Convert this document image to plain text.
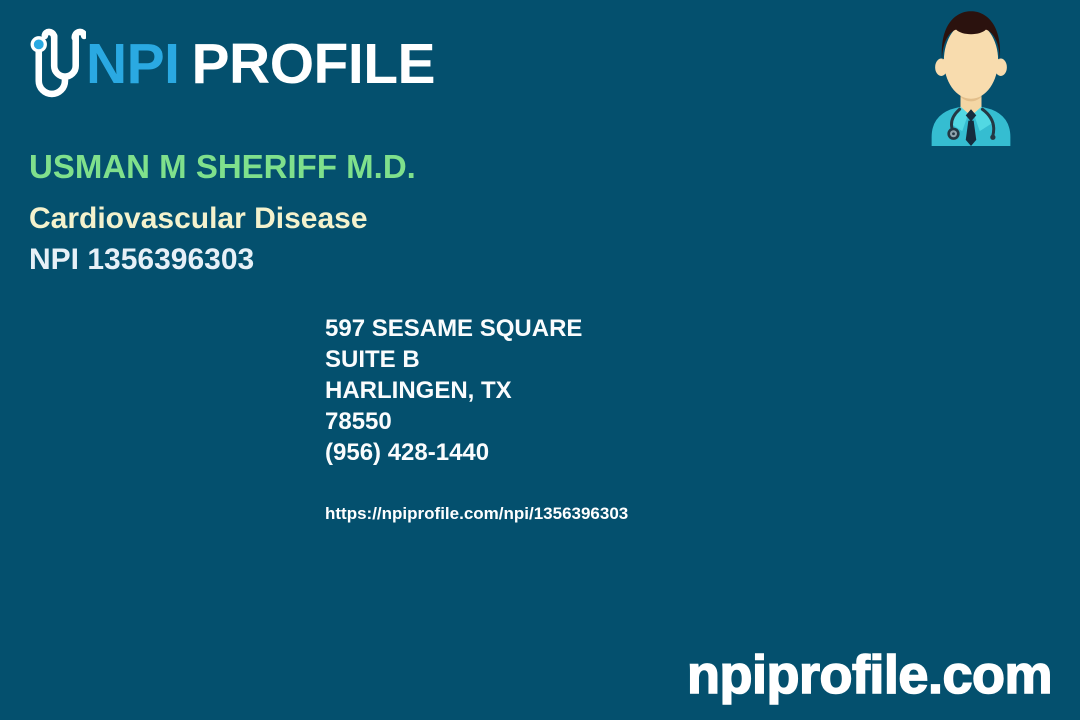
NPI PROFILE
USMAN M SHERIFF M.D.
Cardiovascular Disease
NPI 1356396303
597 SESAME SQUARE
SUITE B
HARLINGEN, TX
78550
(956) 428-1440
https://npiprofile.com/npi/1356396303
npiprofile.com
